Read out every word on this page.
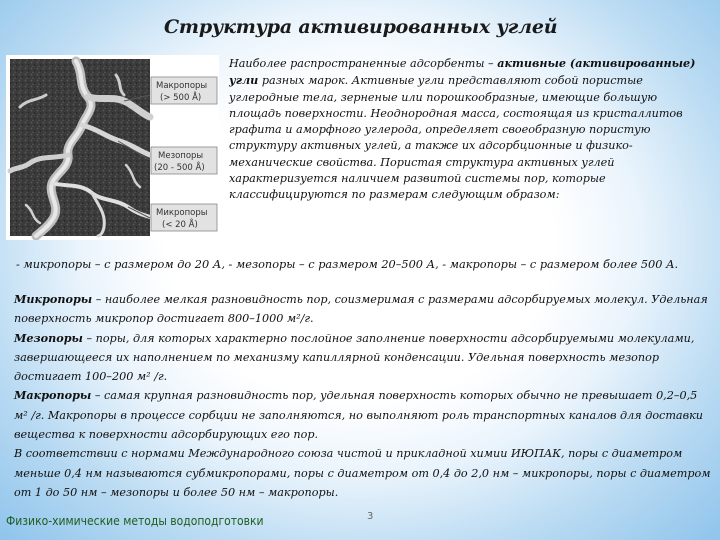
Структура активированных углей
Макропоры
(> 500 Å)
Мезопоры
(20 - 500 Å)
Микропоры
(< 20 Å)
Наиболее распространенные адсорбенты – активные (активированные) угли разных марок. Активные угли представляют собой пористые углеродные тела, зерненые или порошкообразные, имеющие большую площадь поверхности. Неоднородная масса, состоящая из кристаллитов графита и аморфного углерода, определяет своеобразную пористую структуру активных углей, а также их адсорбционные и физико-механические свойства. Пористая структура активных углей характеризуется наличием развитой системы пор, которые классифицируются по размерам следующим образом:
- микропоры – с размером до 20 А, - мезопоры – с размером 20–500 А, - макропоры – с размером более 500 А.

Микропоры – наиболее мелкая разновидность пор, соизмеримая с размерами адсорбируемых молекул. Удельная поверхность микропор достигает 800–1000 м²/г.

Мезопоры – поры, для которых характерно послойное заполнение поверхности адсорбируемыми молекулами, завершающееся их наполнением по механизму капиллярной конденсации. Удельная поверхность мезопор достигает 100–200 м² /г.

Макропоры – самая крупная разновидность пор, удельная поверхность которых обычно не превышает 0,2–0,5 м² /г. Макропоры в процессе сорбции не заполняются, но выполняют роль транспортных каналов для доставки вещества к поверхности адсорбирующих его пор.

В соответствии с нормами Международного союза чистой и прикладной химии ИЮПАК, поры с диаметром меньше 0,4 нм называются субмикропорами, поры с диаметром от 0,4 до 2,0 нм – микропоры, поры с диаметром от 1 до 50 нм – мезопоры и более 50 нм – макропоры.

3
Физико-химические методы водоподготовки
